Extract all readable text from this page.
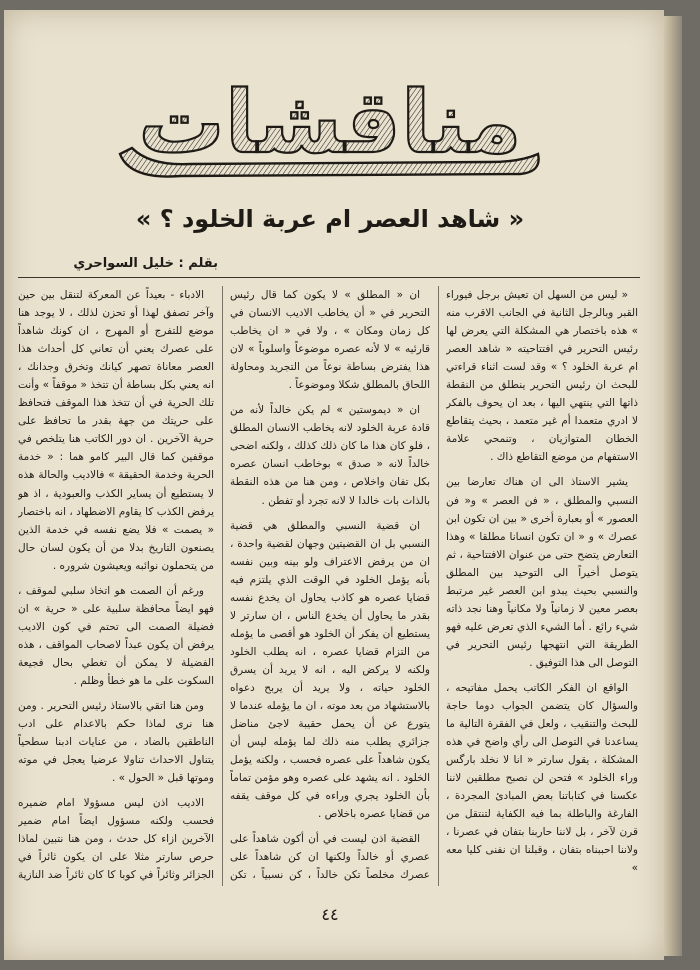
مناقشات
« شاهد العصر ام عربة الخلود ؟ »
بقلم : خليل السواحري

« ليس من السهل ان تعيش برجل فيوراء القبر وبالرجل الثانية في الجانب الاقرب منه » هذه باختصار هي المشكلة التي يعرض لها رئيس التحرير في افتتاحيته « شاهد العصر ام عربة الخلود ؟ » وقد لست اثناء قراءتي للبحث ان رئيس التحرير ينطلق من النقطة ذاتها التي ينتهي اليها ، بعد ان يحوف بالفكر لا ادري متعمدا أم غير متعمد ، بحيث يتقاطع الخطان المتوازيان ، وتنمحي علامة الاستفهام من موضع التقاطع ذاك .

يشير الاستاذ الى ان هناك تعارضا بين النسبي والمطلق ، « فن العصر » و« فن العصور » أو بعبارة أخرى « بين ان تكون ابن عصرك » و « ان تكون انسانا مطلقا » وهذا التعارض يتضح حتى من عنوان الافتتاحية ، ثم يتوصل أخيراً الى التوحيد بين المطلق والنسبي بحيث يبدو ابن العصر غير مرتبط بعصر معين لا زمانياً ولا مكانياً وهنا نجد ذاته شيء رائع . أما الشيء الذي تعرض عليه فهو الطريقة التي انتهجها رئيس التحرير في التوصل الى هذا التوفيق .

الواقع ان الفكر الكاتب يحمل مفاتيحه ، والسؤال كان يتضمن الجواب دوما حاجة للبحث والتنقيب ، ولعل في الفقرة التالية ما يساعدنا في التوصل الى رأي واضح في هذه المشكلة ، يقول سارتر « انا لا نخلد بارگس وراء الخلود » فتحن لن نصبح مطلقين لاننا عكسنا في كتاباتنا بعض المبادئ المجردة ، الفارغة والباطلة بما فيه الكفاية لتنتقل من قرن لآخر ، بل لاننا حاربنا بتفان في عصرنا ، ولاننا احببناه بتفان ، وقبلنا ان نفنى كليا معه »

ان « المطلق » لا يكون كما قال رئيس التحرير في « أن يخاطب الاديب الانسان في كل زمان ومكان » ، ولا في « ان يخاطب قارئيه » لا لأنه عصره موضوعاً واسلوباً » لان هذا يفترض بساطة نوعاً من التجريد ومحاولة اللحاق بالمطلق شكلا وموضوعاً .

ان « ديموستين » لم يكن خالداً لأنه من قادة عربة الخلود لانه يخاطب الانسان المطلق ، فلو كان هذا ما كان ذلك كذلك ، ولكنه اضحى خالداً لانه « صدق » بوخاطب انسان عصره بكل تفان واخلاص ، ومن هنا من هذه النقطة بالذات بات خالدا لا لانه تجرد أو تفطن .

ان قضية النسبي والمطلق هي قضية النسبي بل ان القضيتين وجهان لقضية واحدة ، ان من يرفض الاعتراف ولو بينه وبين نفسه بأنه يؤمل الخلود في الوقت الذي يلتزم فيه قضايا عصره هو كاذب يحاول ان يخدع نفسه بقدر ما يحاول أن يخدع الناس ، ان سارتر لا يستطيع أن يفكر أن الخلود هو أقصى ما يؤمله من التزام قضايا عصره ، انه يطلب الخلود ولكنه لا يركض اليه ، انه لا يريد أن يسرق الخلود حياته ، ولا يريد أن يربح دعواه بالاستشهاد من بعد موته ، ان ما يؤمله عندما لا يتورع عن أن يحمل حقيبة لاجئ مناضل جزائري يطلب منه ذلك لما يؤمله ليس أن يكون شاهداً على عصره فحسب ، ولكنه يؤمل الخلود . انه يشهد على عصره وهو مؤمن تماماً بأن الخلود يجري وراءه في كل موقف يقفه من قضايا عصره باخلاص .

القضية اذن ليست في أن أكون شاهداً على عصري أو خالداً ولكنها ان كن شاهداً على عصرك مخلصاً تكن خالداً ، كن نسبياً ، تكن

الادباء - بعيداً عن المعركة لتنقل بين حين وآخر تصفق لهذا أو تحزن لذلك ، لا يوجد هنا موضع للتفرج أو المهرج ، ان كونك شاهداً على عصرك يعني أن تعاني كل أحداث هذا العصر معاناة تصهر كيانك وتخرق وجدانك ، انه يعني بكل بساطة أن تتخذ « موقفاً » وأنت تلك الحرية في أن تتخذ هذا الموقف فتحافظ على حريتك من جهة بقدر ما تحافظ على حرية الآخرين . ان دور الكاتب هنا يتلخص في موقفين كما قال البير كامو هما : « خدمة الحرية وخدمة الحقيقة » فالاديب والحالة هذه لا يستطيع أن يساير الكذب والعبودية ، اذ هو يرفض الكذب كا يقاوم الاضطهاد ، انه باختصار « يصمت » فلا يضع نفسه في خدمة الذين يصنعون التاريخ بدلا من أن يكون لسان حال من يتحملون نوائبه ويعيشون شروره .

ورغم أن الصمت هو اتخاذ سلبي لموقف ، فهو ايضاً محافظة سلبية على « حرية » ان فضيلة الصمت الى تحتم في كون الاديب يرفض أن يكون عبداً لاصحاب المواقف ، هذه الفضيلة لا يمكن أن تغطي بحال فجيعة السكوت على ما هو خطأ وظلم .

ومن هنا اتقي بالاستاذ رئيس التحرير . ومن هنا نرى لماذا حكم بالاعدام على ادب الناطقين بالضاد ، من عنايات ادبنا سطحياً يتناول الاحداث تناولا عرضيا يعجل في موته وموتها قبل « الحول » .

الاديب اذن ليس مسؤولا امام ضميره فحسب ولكنه مسؤول ايضاً امام ضمير الآخرين ازاء كل حدث ، ومن هنا نتبين لماذا حرص سارتر مثلا على ان يكون ثائراً في الجزائر وثائراً في كوبا كا كان ثائراً ضد النازية

٤٤
